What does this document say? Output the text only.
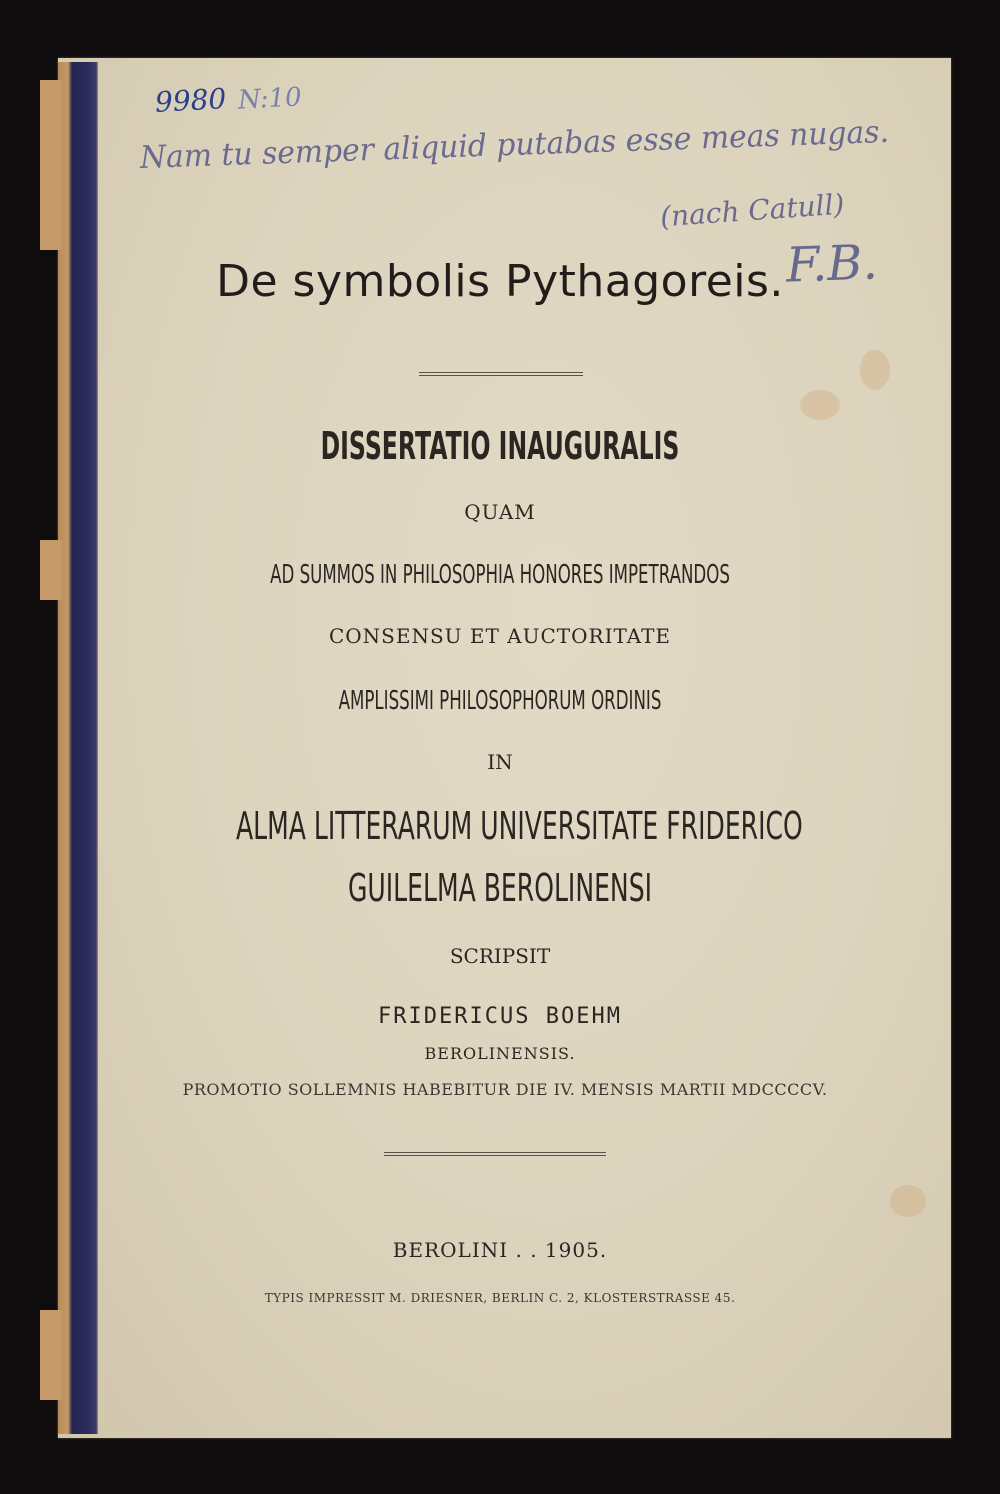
9980 N:10

Nam tu semper aliquid putabas esse meas nugas.

(nach Catull)

F.B.

De symbolis Pythagoreis.

DISSERTATIO INAUGURALIS

QUAM

AD SUMMOS IN PHILOSOPHIA HONORES IMPETRANDOS

CONSENSU ET AUCTORITATE

AMPLISSIMI PHILOSOPHORUM ORDINIS

IN

ALMA LITTERARUM UNIVERSITATE FRIDERICO

GUILELMA BEROLINENSI

SCRIPSIT

FRIDERICUS BOEHM

BEROLINENSIS.

PROMOTIO SOLLEMNIS HABEBITUR DIE IV. MENSIS MARTII MDCCCCV.

BEROLINI . . 1905.

TYPIS IMPRESSIT M. DRIESNER, BERLIN C. 2, KLOSTERSTRASSE 45.
